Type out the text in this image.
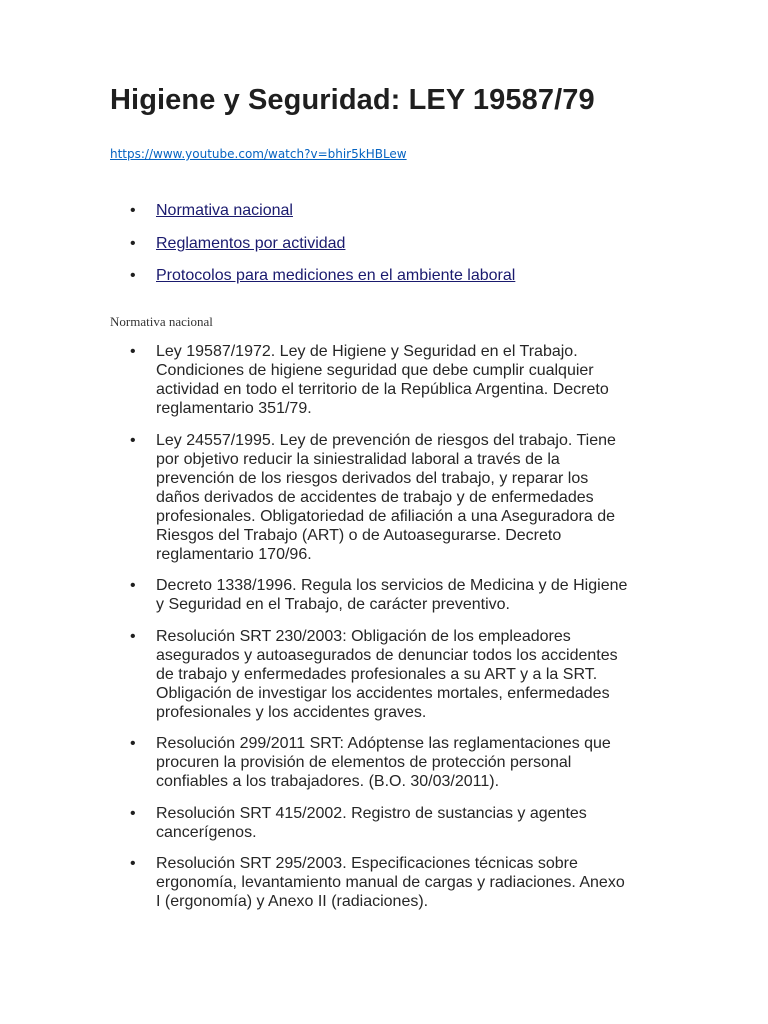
Higiene y Seguridad: LEY 19587/79
https://www.youtube.com/watch?v=bhir5kHBLew
• Normativa nacional
• Reglamentos por actividad
• Protocolos para mediciones en el ambiente laboral
Normativa nacional
• Ley 19587/1972. Ley de Higiene y Seguridad en el Trabajo.
Condiciones de higiene seguridad que debe cumplir cualquier
actividad en todo el territorio de la República Argentina. Decreto
reglamentario 351/79.
• Ley 24557/1995. Ley de prevención de riesgos del trabajo. Tiene
por objetivo reducir la siniestralidad laboral a través de la
prevención de los riesgos derivados del trabajo, y reparar los
daños derivados de accidentes de trabajo y de enfermedades
profesionales. Obligatoriedad de afiliación a una Aseguradora de
Riesgos del Trabajo (ART) o de Autoasegurarse. Decreto
reglamentario 170/96.
• Decreto 1338/1996. Regula los servicios de Medicina y de Higiene
y Seguridad en el Trabajo, de carácter preventivo.
• Resolución SRT 230/2003: Obligación de los empleadores
asegurados y autoasegurados de denunciar todos los accidentes
de trabajo y enfermedades profesionales a su ART y a la SRT.
Obligación de investigar los accidentes mortales, enfermedades
profesionales y los accidentes graves.
• Resolución 299/2011 SRT: Adóptense las reglamentaciones que
procuren la provisión de elementos de protección personal
confiables a los trabajadores. (B.O. 30/03/2011).
• Resolución SRT 415/2002. Registro de sustancias y agentes
cancerígenos.
• Resolución SRT 295/2003. Especificaciones técnicas sobre
ergonomía, levantamiento manual de cargas y radiaciones. Anexo
I (ergonomía) y Anexo II (radiaciones).
